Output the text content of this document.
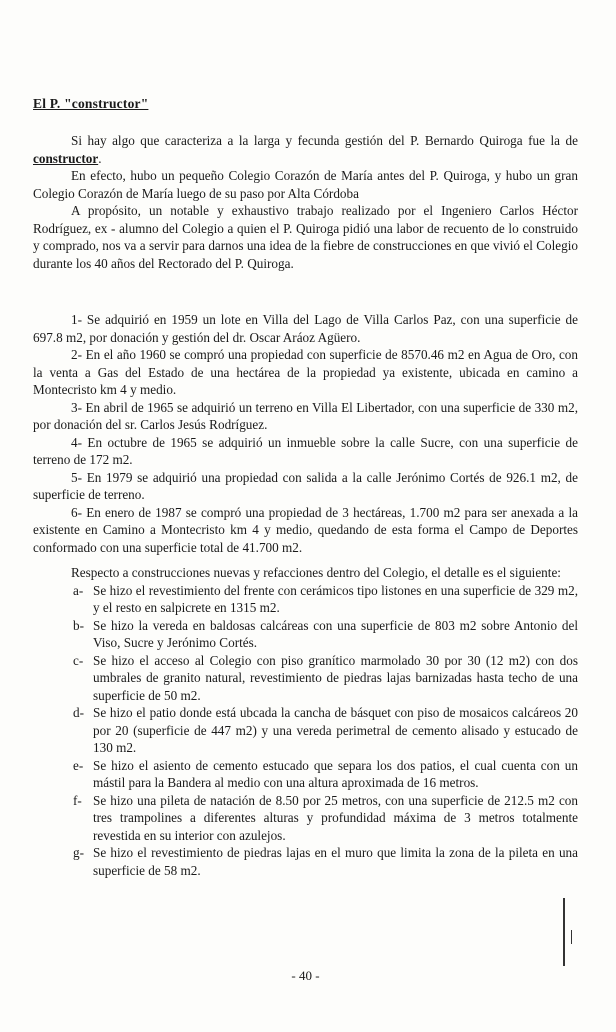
El P. "constructor"

Si hay algo que caracteriza a la larga y fecunda gestión del P. Bernardo Quiroga fue la de constructor.

En efecto, hubo un pequeño Colegio Corazón de María antes del P. Quiroga, y hubo un gran Colegio Corazón de María luego de su paso por Alta Córdoba

A propósito, un notable y exhaustivo trabajo realizado por el Ingeniero Carlos Héctor Rodríguez, ex - alumno del Colegio a quien el P. Quiroga pidió una labor de recuento de lo construido y comprado, nos va a servir para darnos una idea de la fiebre de construcciones en que vivió el Colegio durante los 40 años del Rectorado del P. Quiroga.

1- Se adquirió en 1959 un lote en Villa del Lago de Villa Carlos Paz, con una superficie de 697.8 m2, por donación y gestión del dr. Oscar Aráoz Agüero.

2- En el año 1960 se compró una propiedad con superficie de 8570.46 m2 en Agua de Oro, con la venta a Gas del Estado de una hectárea de la propiedad ya existente, ubicada en camino a Montecristo km 4 y medio.

3- En abril de 1965 se adquirió un terreno en Villa El Libertador, con una superficie de 330 m2, por donación del sr. Carlos Jesús Rodríguez.

4- En octubre de 1965 se adquirió un inmueble sobre la calle Sucre, con una superficie de terreno de 172 m2.

5- En 1979 se adquirió una propiedad con salida a la calle Jerónimo Cortés de 926.1 m2, de superficie de terreno.

6- En enero de 1987 se compró una propiedad de 3 hectáreas, 1.700 m2 para ser anexada a la existente en Camino a Montecristo km 4 y medio, quedando de esta forma el Campo de Deportes conformado con una superficie total de 41.700 m2.

Respecto a construcciones nuevas y refacciones dentro del Colegio, el detalle es el siguiente:

a- Se hizo el revestimiento del frente con cerámicos tipo listones en una superficie de 329 m2, y el resto en salpicrete en 1315 m2.
b- Se hizo la vereda en baldosas calcáreas con una superficie de 803 m2 sobre Antonio del Viso, Sucre y Jerónimo Cortés.
c- Se hizo el acceso al Colegio con piso granítico marmolado 30 por 30 (12 m2) con dos umbrales de granito natural, revestimiento de piedras lajas barnizadas hasta techo de una superficie de 50 m2.
d- Se hizo el patio donde está ubcada la cancha de básquet con piso de mosaicos calcáreos 20 por 20 (superficie de 447 m2) y una vereda perimetral de cemento alisado y estucado de 130 m2.
e- Se hizo el asiento de cemento estucado que separa los dos patios, el cual cuenta con un mástil para la Bandera al medio con una altura aproximada de 16 metros.
f- Se hizo una pileta de natación de 8.50 por 25 metros, con una superficie de 212.5 m2 con tres trampolines a diferentes alturas y profundidad máxima de 3 metros totalmente revestida en su interior con azulejos.
g- Se hizo el revestimiento de piedras lajas en el muro que limita la zona de la pileta en una superficie de 58 m2.
- 40 -
